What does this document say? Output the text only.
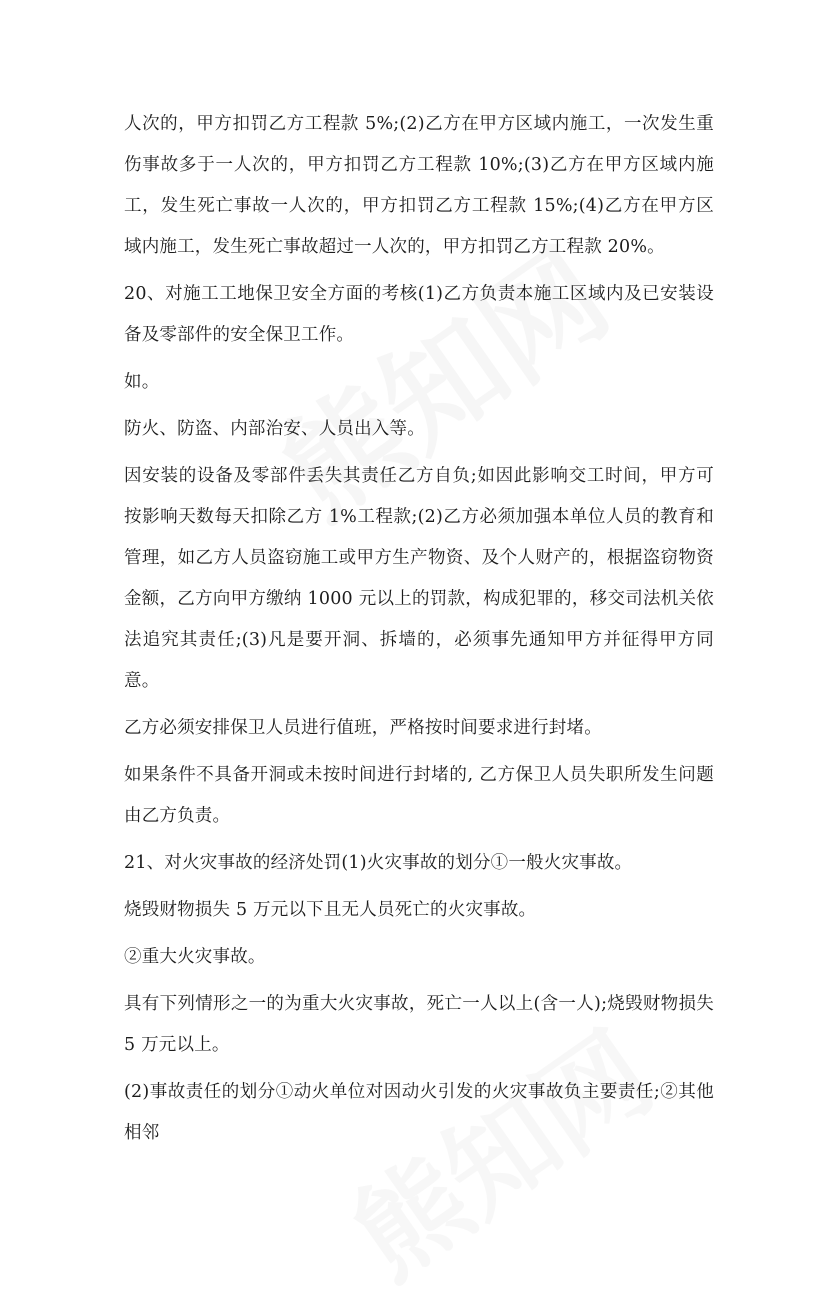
人次的，甲方扣罚乙方工程款 5%;(2)乙方在甲方区域内施工，一次发生重伤事故多于一人次的，甲方扣罚乙方工程款 10%;(3)乙方在甲方区域内施工，发生死亡事故一人次的，甲方扣罚乙方工程款 15%;(4)乙方在甲方区域内施工，发生死亡事故超过一人次的，甲方扣罚乙方工程款 20%。

20、对施工工地保卫安全方面的考核(1)乙方负责本施工区域内及已安装设备及零部件的安全保卫工作。

如。

防火、防盗、内部治安、人员出入等。

因安装的设备及零部件丢失其责任乙方自负;如因此影响交工时间，甲方可按影响天数每天扣除乙方 1%工程款;(2)乙方必须加强本单位人员的教育和管理，如乙方人员盗窃施工或甲方生产物资、及个人财产的，根据盗窃物资金额，乙方向甲方缴纳 1000 元以上的罚款，构成犯罪的，移交司法机关依法追究其责任;(3)凡是要开洞、拆墙的，必须事先通知甲方并征得甲方同意。

乙方必须安排保卫人员进行值班，严格按时间要求进行封堵。

如果条件不具备开洞或未按时间进行封堵的, 乙方保卫人员失职所发生问题由乙方负责。

21、对火灾事故的经济处罚(1)火灾事故的划分①一般火灾事故。

烧毁财物损失 5 万元以下且无人员死亡的火灾事故。

②重大火灾事故。

具有下列情形之一的为重大火灾事故，死亡一人以上(含一人);烧毁财物损失 5 万元以上。

(2)事故责任的划分①动火单位对因动火引发的火灾事故负主要责任;②其他相邻
